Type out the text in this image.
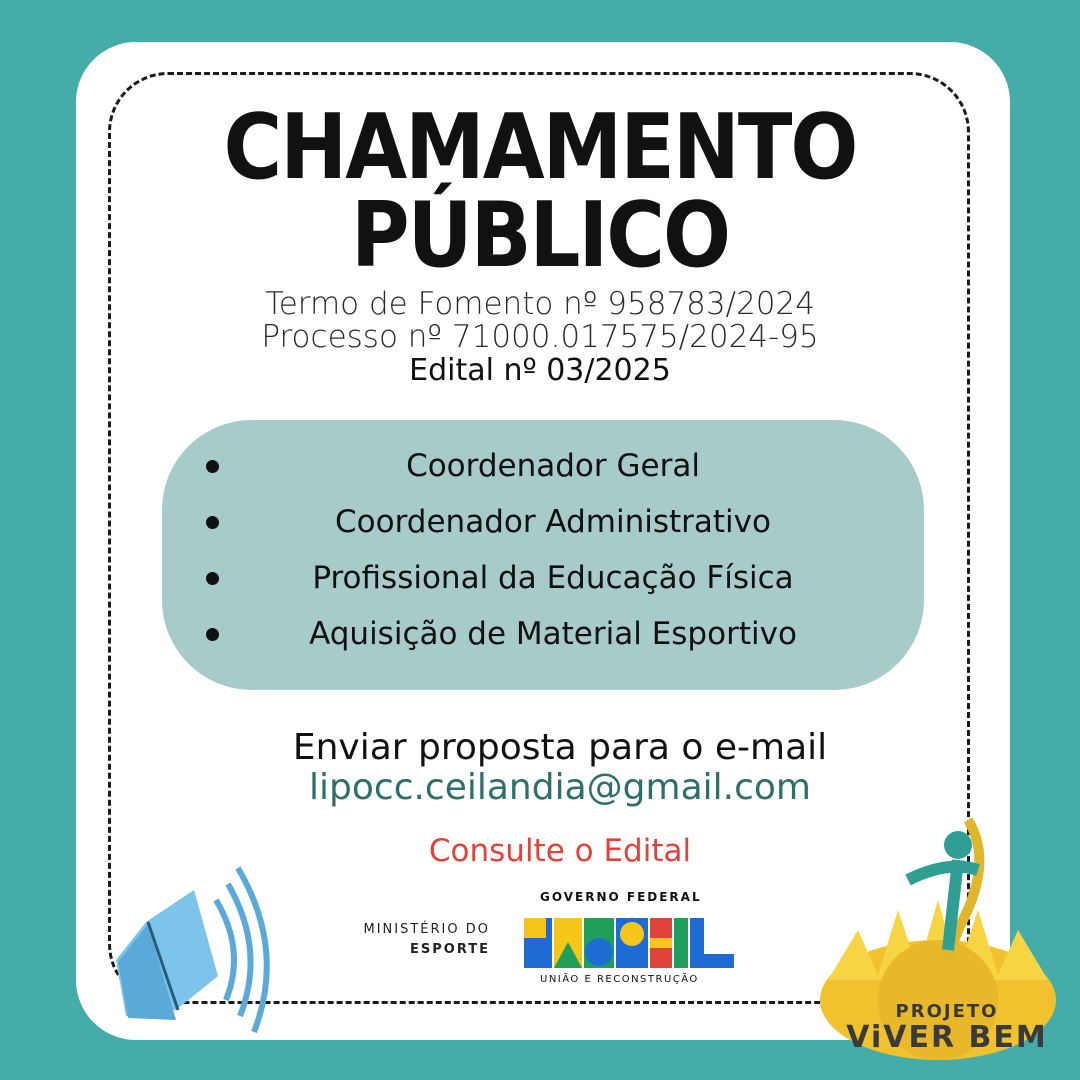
CHAMAMENTO
PÚBLICO
Termo de Fomento nº 958783/2024
Processo nº 71000.017575/2024-95
Edital nº 03/2025
Coordenador Geral
Coordenador Administrativo
Profissional da Educação Física
Aquisição de Material Esportivo
Enviar proposta para o e-mail
lipocc.ceilandia@gmail.com
Consulte o Edital
MINISTÉRIO DO
ESPORTE
GOVERNO FEDERAL
UNIÃO E RECONSTRUÇÃO
PROJETO
ViVER BEM
